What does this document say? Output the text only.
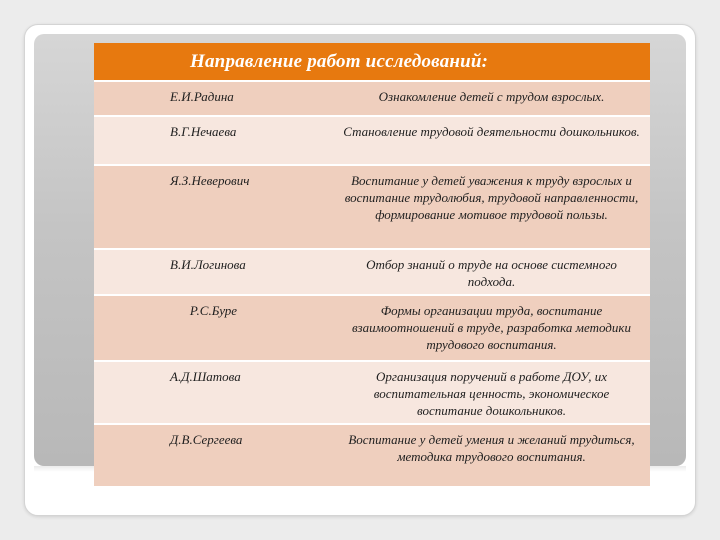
Направление работ исследований:	
Е.И.Радина	Ознакомление детей с трудом взрослых.
В.Г.Нечаева	Становление трудовой деятельности дошкольников.
Я.З.Неверович	Воспитание у детей уважения к труду взрослых и воспитание трудолюбия, трудовой направленности, формирование мотивое трудовой пользы.
В.И.Логинова	Отбор знаний о труде на основе системного подхода.
Р.С.Буре	Формы организации труда, воспитание взаимоотношений в труде, разработка методики трудового воспитания.
А.Д.Шатова	Организация поручений в работе ДОУ, их воспитательная ценность, экономическое воспитание дошкольников.
Д.В.Сергеева	Воспитание у детей умения и желаний трудиться, методика трудового воспитания.
